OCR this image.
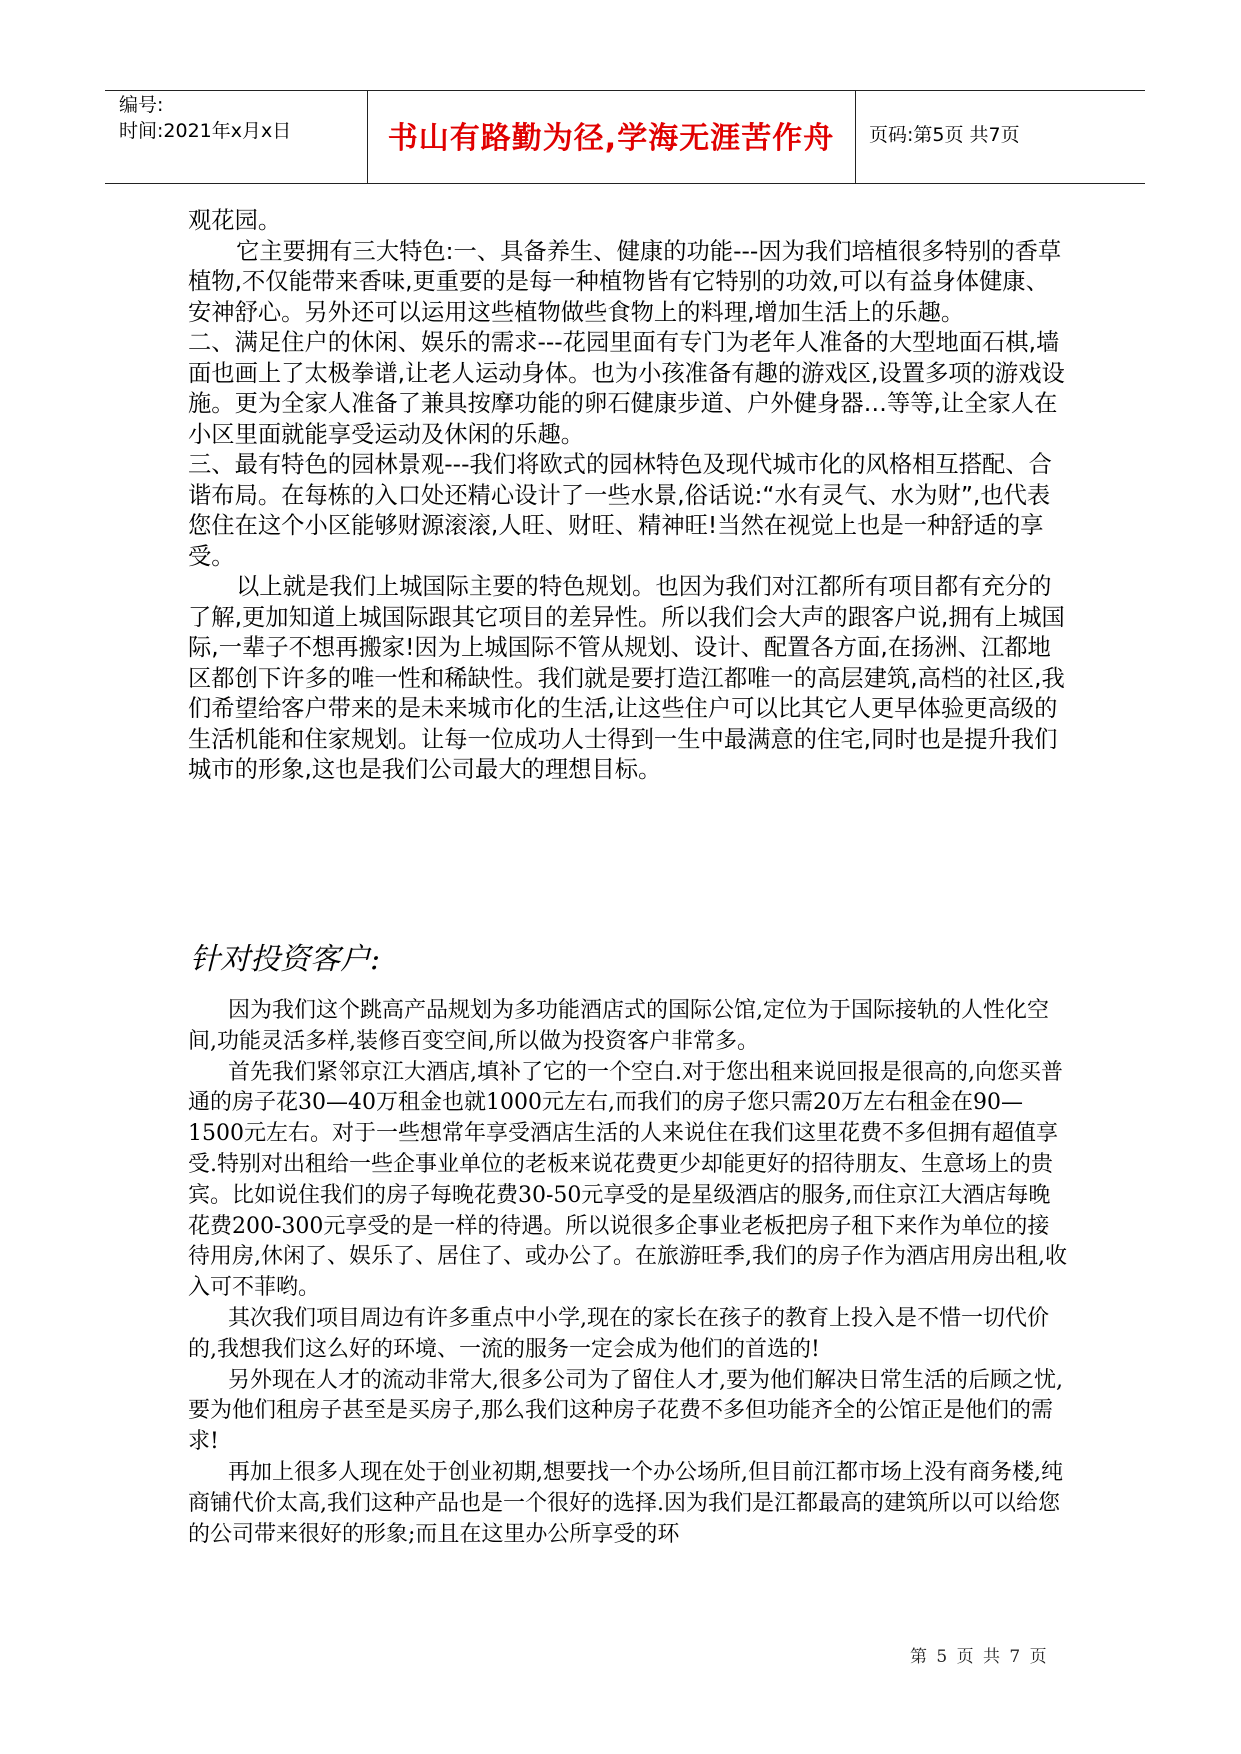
编号:
时间:2021年x月x日	书山有路勤为径,学海无涯苦作舟	页码:第5页 共7页

观花园。

它主要拥有三大特色:一、具备养生、健康的功能---因为我们培植很多特别的香草植物,不仅能带来香味,更重要的是每一种植物皆有它特别的功效,可以有益身体健康、安神舒心。另外还可以运用这些植物做些食物上的料理,增加生活上的乐趣。

二、满足住户的休闲、娱乐的需求---花园里面有专门为老年人准备的大型地面石棋,墙面也画上了太极拳谱,让老人运动身体。也为小孩准备有趣的游戏区,设置多项的游戏设施。更为全家人准备了兼具按摩功能的卵石健康步道、户外健身器…等等,让全家人在小区里面就能享受运动及休闲的乐趣。

三、最有特色的园林景观---我们将欧式的园林特色及现代城市化的风格相互搭配、合谐布局。在每栋的入口处还精心设计了一些水景,俗话说:“水有灵气、水为财”,也代表您住在这个小区能够财源滚滚,人旺、财旺、精神旺!当然在视觉上也是一种舒适的享受。

以上就是我们上城国际主要的特色规划。也因为我们对江都所有项目都有充分的了解,更加知道上城国际跟其它项目的差异性。所以我们会大声的跟客户说,拥有上城国际,一辈子不想再搬家!因为上城国际不管从规划、设计、配置各方面,在扬洲、江都地区都创下许多的唯一性和稀缺性。我们就是要打造江都唯一的高层建筑,高档的社区,我们希望给客户带来的是未来城市化的生活,让这些住户可以比其它人更早体验更高级的生活机能和住家规划。让每一位成功人士得到一生中最满意的住宅,同时也是提升我们城市的形象,这也是我们公司最大的理想目标。

针对投资客户:

因为我们这个跳高产品规划为多功能酒店式的国际公馆,定位为于国际接轨的人性化空间,功能灵活多样,装修百变空间,所以做为投资客户非常多。

首先我们紧邻京江大酒店,填补了它的一个空白.对于您出租来说回报是很高的,向您买普通的房子花30—40万租金也就1000元左右,而我们的房子您只需20万左右租金在90—1500元左右。对于一些想常年享受酒店生活的人来说住在我们这里花费不多但拥有超值享受.特别对出租给一些企事业单位的老板来说花费更少却能更好的招待朋友、生意场上的贵宾。比如说住我们的房子每晚花费30-50元享受的是星级酒店的服务,而住京江大酒店每晚花费200-300元享受的是一样的待遇。所以说很多企事业老板把房子租下来作为单位的接待用房,休闲了、娱乐了、居住了、或办公了。在旅游旺季,我们的房子作为酒店用房出租,收入可不菲哟。

其次我们项目周边有许多重点中小学,现在的家长在孩子的教育上投入是不惜一切代价的,我想我们这么好的环境、一流的服务一定会成为他们的首选的!

另外现在人才的流动非常大,很多公司为了留住人才,要为他们解决日常生活的后顾之忧,要为他们租房子甚至是买房子,那么我们这种房子花费不多但功能齐全的公馆正是他们的需求!

再加上很多人现在处于创业初期,想要找一个办公场所,但目前江都市场上没有商务楼,纯商铺代价太高,我们这种产品也是一个很好的选择.因为我们是江都最高的建筑所以可以给您的公司带来很好的形象;而且在这里办公所享受的环

第 5 页 共 7 页
